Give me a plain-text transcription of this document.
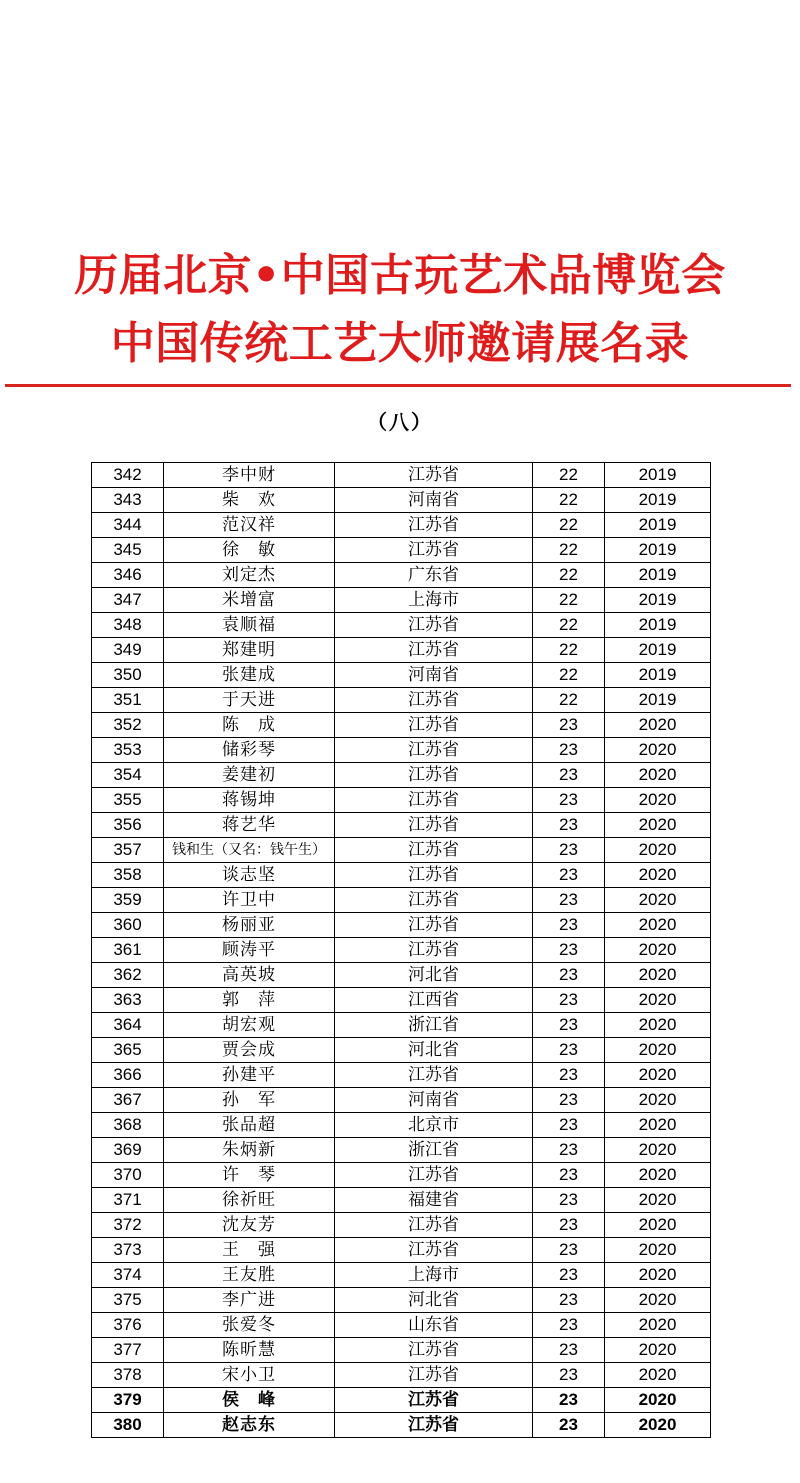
历届北京•中国古玩艺术品博览会
中国传统工艺大师邀请展名录
（八）
342	李中财	江苏省	22	2019
343	柴　欢	河南省	22	2019
344	范汉祥	江苏省	22	2019
345	徐　敏	江苏省	22	2019
346	刘定杰	广东省	22	2019
347	米增富	上海市	22	2019
348	袁顺福	江苏省	22	2019
349	郑建明	江苏省	22	2019
350	张建成	河南省	22	2019
351	于天进	江苏省	22	2019
352	陈　成	江苏省	23	2020
353	储彩琴	江苏省	23	2020
354	姜建初	江苏省	23	2020
355	蒋锡坤	江苏省	23	2020
356	蒋艺华	江苏省	23	2020
357	钱和生（又名：钱午生）	江苏省	23	2020
358	谈志坚	江苏省	23	2020
359	许卫中	江苏省	23	2020
360	杨丽亚	江苏省	23	2020
361	顾涛平	江苏省	23	2020
362	高英坡	河北省	23	2020
363	郭　萍	江西省	23	2020
364	胡宏观	浙江省	23	2020
365	贾会成	河北省	23	2020
366	孙建平	江苏省	23	2020
367	孙　军	河南省	23	2020
368	张品超	北京市	23	2020
369	朱炳新	浙江省	23	2020
370	许　琴	江苏省	23	2020
371	徐祈旺	福建省	23	2020
372	沈友芳	江苏省	23	2020
373	王　强	江苏省	23	2020
374	王友胜	上海市	23	2020
375	李广进	河北省	23	2020
376	张爱冬	山东省	23	2020
377	陈昕慧	江苏省	23	2020
378	宋小卫	江苏省	23	2020
379	侯　峰	江苏省	23	2020
380	赵志东	江苏省	23	2020
